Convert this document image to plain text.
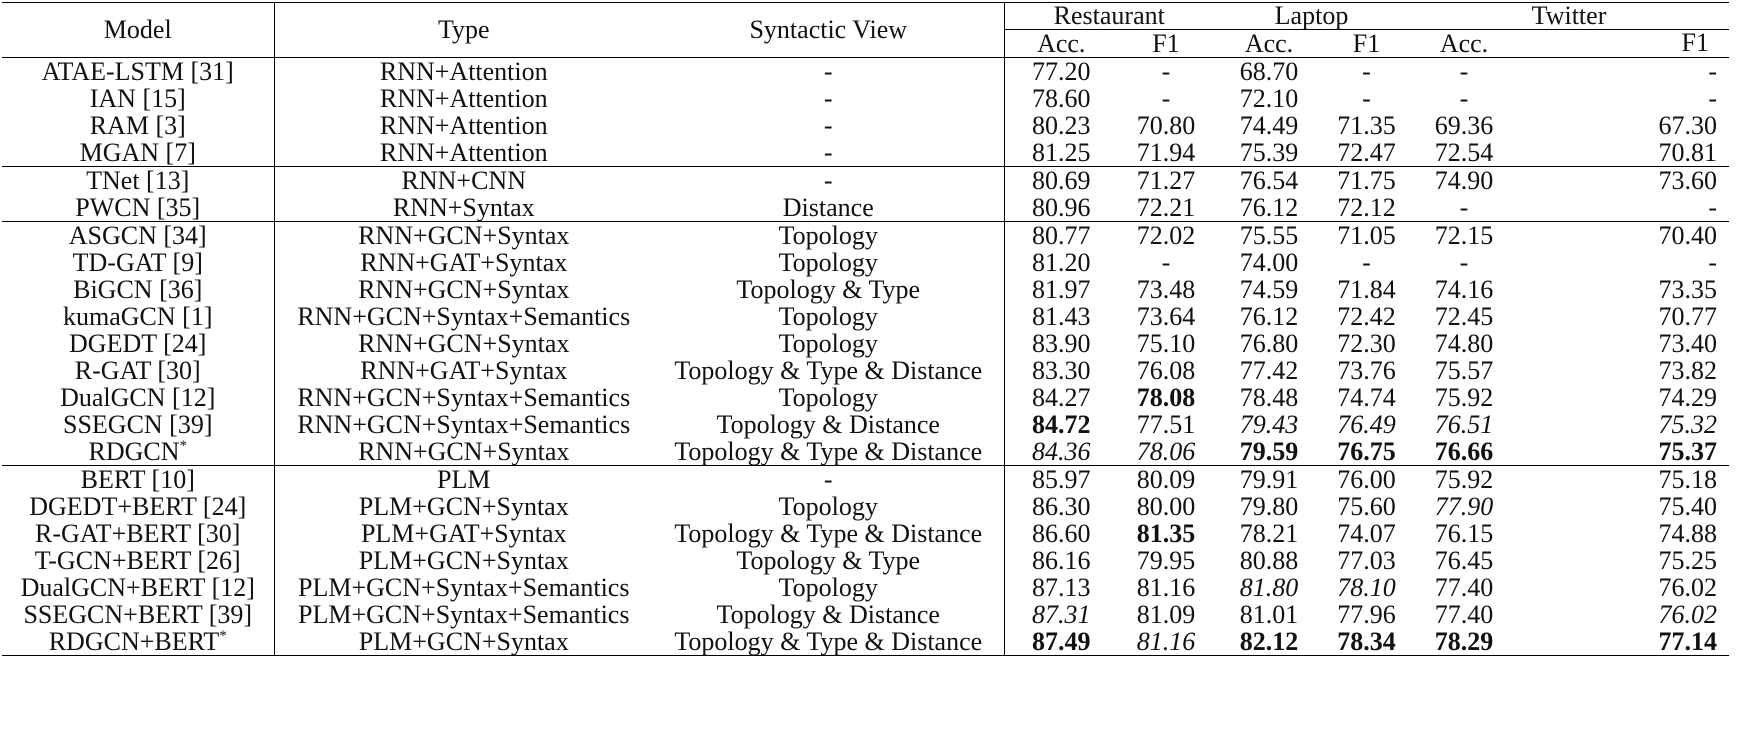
Model	Type	Syntactic View	Restaurant		Laptop		Twitter	
			Acc.	F1	Acc.	F1	Acc.	F1

ATAE-LSTM [31]	RNN+Attention	-	77.20	-	68.70	-	-	-
IAN [15]	RNN+Attention	-	78.60	-	72.10	-	-	-
RAM [3]	RNN+Attention	-	80.23	70.80	74.49	71.35	69.36	67.30
MGAN [7]	RNN+Attention	-	81.25	71.94	75.39	72.47	72.54	70.81
TNet [13]	RNN+CNN	-	80.69	71.27	76.54	71.75	74.90	73.60
PWCN [35]	RNN+Syntax	Distance	80.96	72.21	76.12	72.12	-	-
ASGCN [34]	RNN+GCN+Syntax	Topology	80.77	72.02	75.55	71.05	72.15	70.40
TD-GAT [9]	RNN+GAT+Syntax	Topology	81.20	-	74.00	-	-	-
BiGCN [36]	RNN+GCN+Syntax	Topology & Type	81.97	73.48	74.59	71.84	74.16	73.35
kumaGCN [1]	RNN+GCN+Syntax+Semantics	Topology	81.43	73.64	76.12	72.42	72.45	70.77
DGEDT [24]	RNN+GCN+Syntax	Topology	83.90	75.10	76.80	72.30	74.80	73.40
R-GAT [30]	RNN+GAT+Syntax	Topology & Type & Distance	83.30	76.08	77.42	73.76	75.57	73.82
DualGCN [12]	RNN+GCN+Syntax+Semantics	Topology	84.27	78.08	78.48	74.74	75.92	74.29
SSEGCN [39]	RNN+GCN+Syntax+Semantics	Topology & Distance	84.72	77.51	79.43	76.49	76.51	75.32
RDGCN*	RNN+GCN+Syntax	Topology & Type & Distance	84.36	78.06	79.59	76.75	76.66	75.37
BERT [10]	PLM	-	85.97	80.09	79.91	76.00	75.92	75.18
DGEDT+BERT [24]	PLM+GCN+Syntax	Topology	86.30	80.00	79.80	75.60	77.90	75.40
R-GAT+BERT [30]	PLM+GAT+Syntax	Topology & Type & Distance	86.60	81.35	78.21	74.07	76.15	74.88
T-GCN+BERT [26]	PLM+GCN+Syntax	Topology & Type	86.16	79.95	80.88	77.03	76.45	75.25
DualGCN+BERT [12]	PLM+GCN+Syntax+Semantics	Topology	87.13	81.16	81.80	78.10	77.40	76.02
SSEGCN+BERT [39]	PLM+GCN+Syntax+Semantics	Topology & Distance	87.31	81.09	81.01	77.96	77.40	76.02
RDGCN+BERT*	PLM+GCN+Syntax	Topology & Type & Distance	87.49	81.16	82.12	78.34	78.29	77.14
